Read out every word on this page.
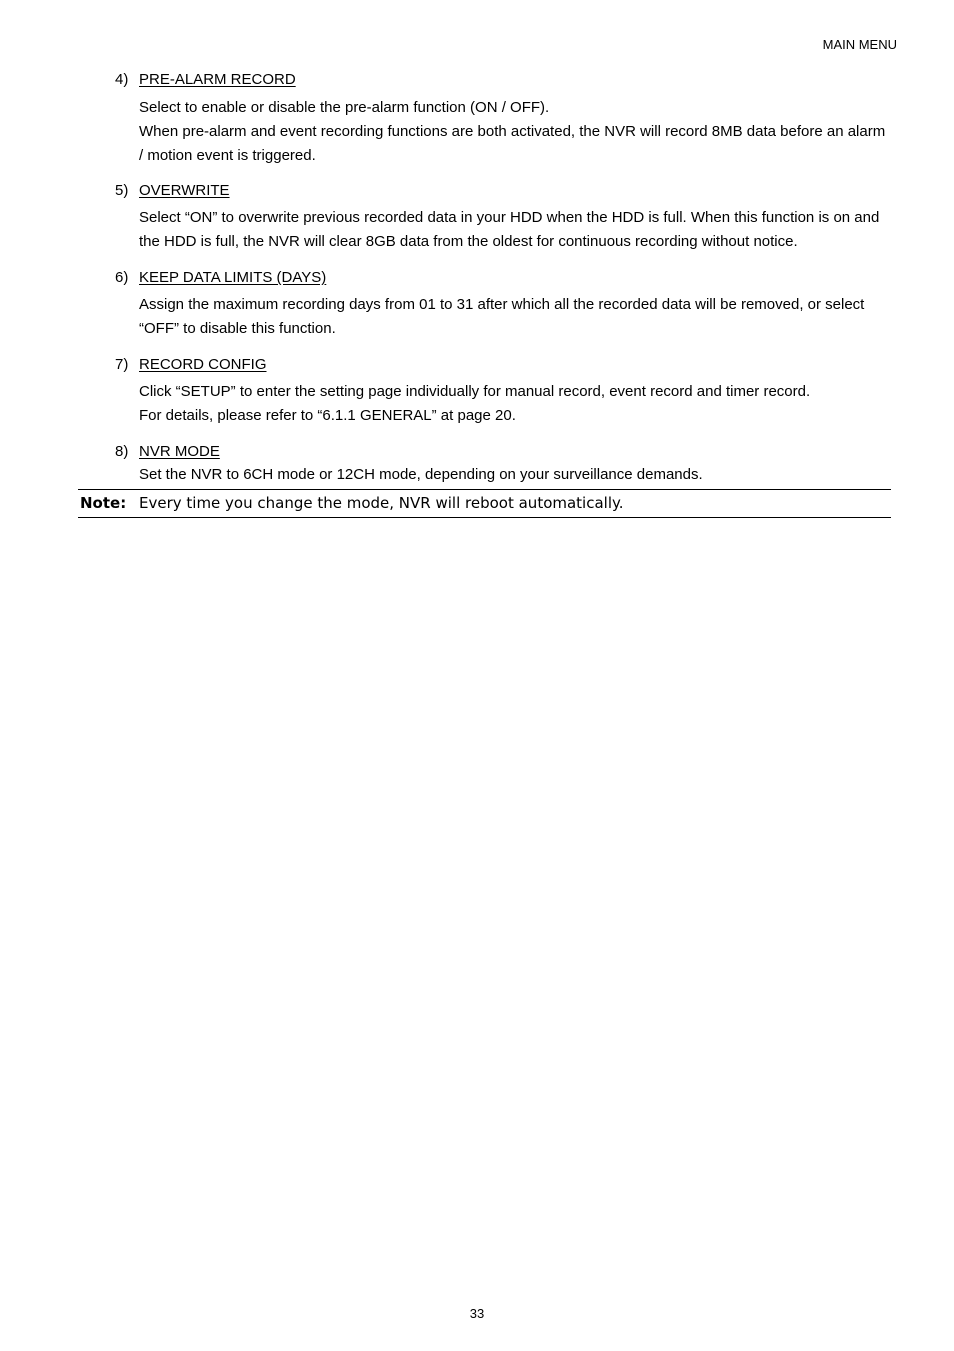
MAIN MENU
4) PRE-ALARM RECORD

Select to enable or disable the pre-alarm function (ON / OFF).

When pre-alarm and event recording functions are both activated, the NVR will record 8MB data before an alarm / motion event is triggered.

5) OVERWRITE

Select “ON” to overwrite previous recorded data in your HDD when the HDD is full. When this function is on and the HDD is full, the NVR will clear 8GB data from the oldest for continuous recording without notice.

6) KEEP DATA LIMITS (DAYS)

Assign the maximum recording days from 01 to 31 after which all the recorded data will be removed, or select “OFF” to disable this function.

7) RECORD CONFIG

Click “SETUP” to enter the setting page individually for manual record, event record and timer record.

For details, please refer to “6.1.1 GENERAL” at page 20.

8) NVR MODE

Set the NVR to 6CH mode or 12CH mode, depending on your surveillance demands.

Note: Every time you change the mode, NVR will reboot automatically.
33
